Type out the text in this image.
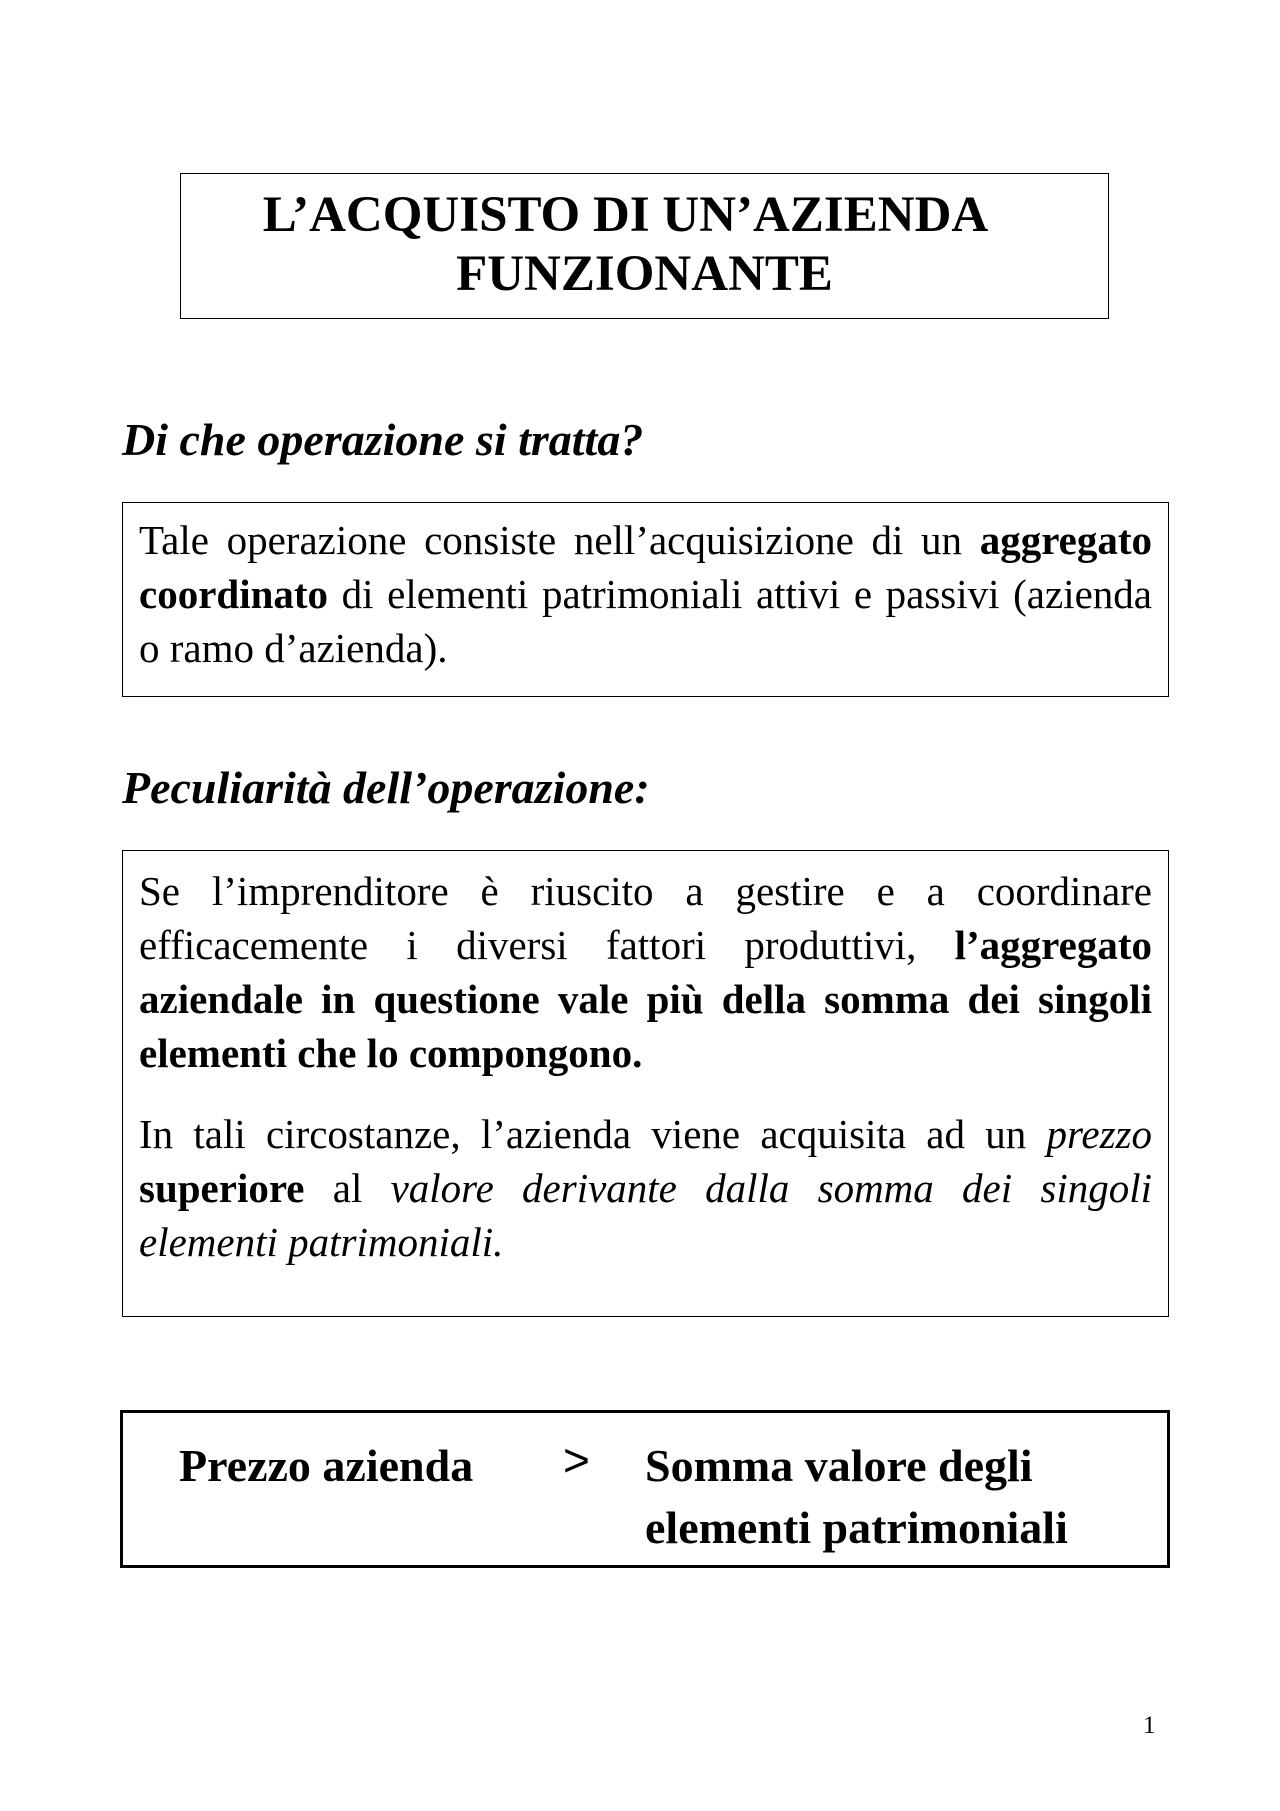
L’ACQUISTO DI UN’AZIENDA
FUNZIONANTE
Di che operazione si tratta?

Tale operazione consiste nell’acquisizione di un aggregato coordinato di elementi patrimoniali attivi e passivi (azienda o ramo d’azienda).

Peculiarità dell’operazione:

Se l’imprenditore è riuscito a gestire e a coordinare efficacemente i diversi fattori produttivi, l’aggregato aziendale in questione vale più della somma dei singoli elementi che lo compongono.

In tali circostanze, l’azienda viene acquisita ad un prezzo superiore al valore derivante dalla somma dei singoli elementi patrimoniali.

Prezzo azienda > Somma valore degli
elementi patrimoniali
1
